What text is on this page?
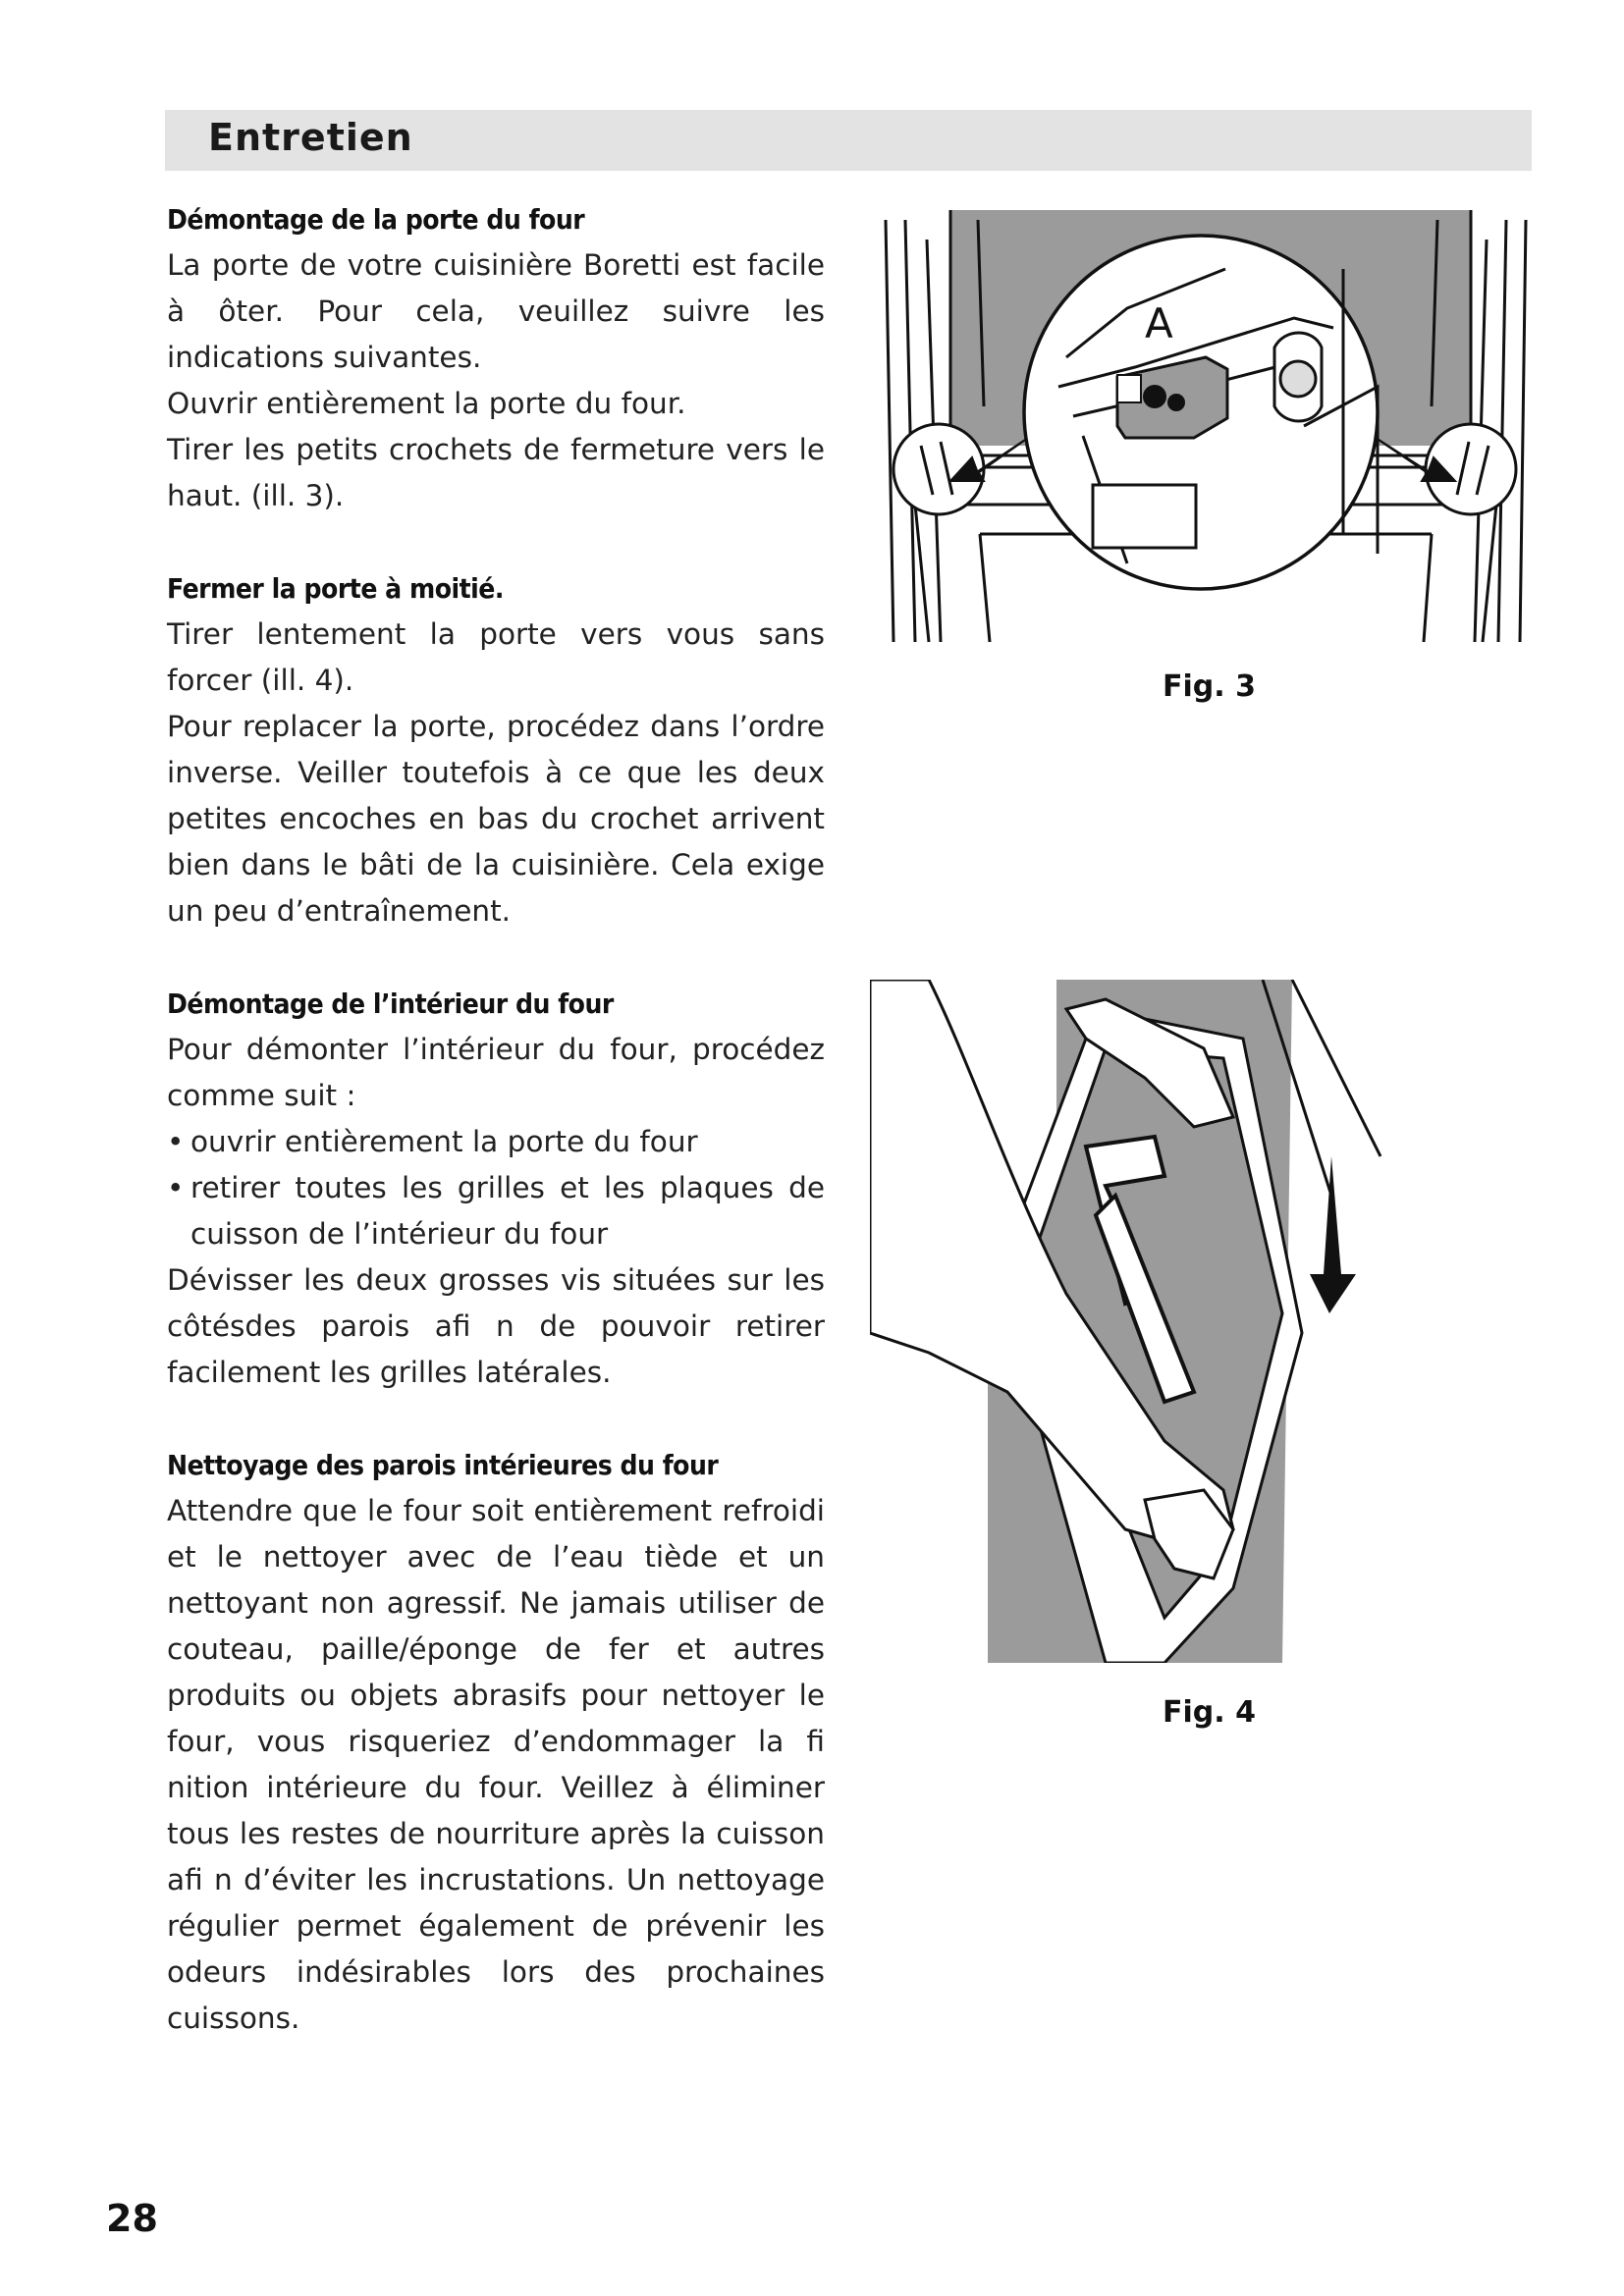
Entretien
Démontage de la porte du four

La porte de votre cuisinière Boretti est facile à ôter. Pour cela, veuillez suivre les indications suivantes.

Ouvrir entièrement la porte du four.

Tirer les petits crochets de fermeture vers le haut. (ill. 3).

Fermer la porte à moitié.

Tirer lentement la porte vers vous sans forcer (ill. 4).

Pour replacer la porte, procédez dans l’ordre inverse. Veiller toutefois à ce que les deux petites encoches en bas du crochet arrivent bien dans le bâti de la cuisinière. Cela exige un peu d’entraînement.

Démontage de l’intérieur du four

Pour démonter l’intérieur du four, procédez comme suit :

• ouvrir entièrement la porte du four
• retirer toutes les grilles et les plaques de cuisson de l’intérieur du four

Dévisser les deux grosses vis situées sur les côtésdes parois afi n de pouvoir retirer facilement les grilles latérales.

Nettoyage des parois intérieures du four

Attendre que le four soit entièrement refroidi et le nettoyer avec de l’eau tiède et un nettoyant non agressif. Ne jamais utiliser de couteau, paille/éponge de fer et autres produits ou objets abrasifs pour nettoyer le four, vous risqueriez d’endommager la fi nition intérieure du four. Veillez à éliminer tous les restes de nourriture après la cuisson afi n d’éviter les incrustations. Un nettoyage régulier permet également de prévenir les odeurs indésirables lors des prochaines cuissons.

A
Fig. 3
Fig. 4
28
